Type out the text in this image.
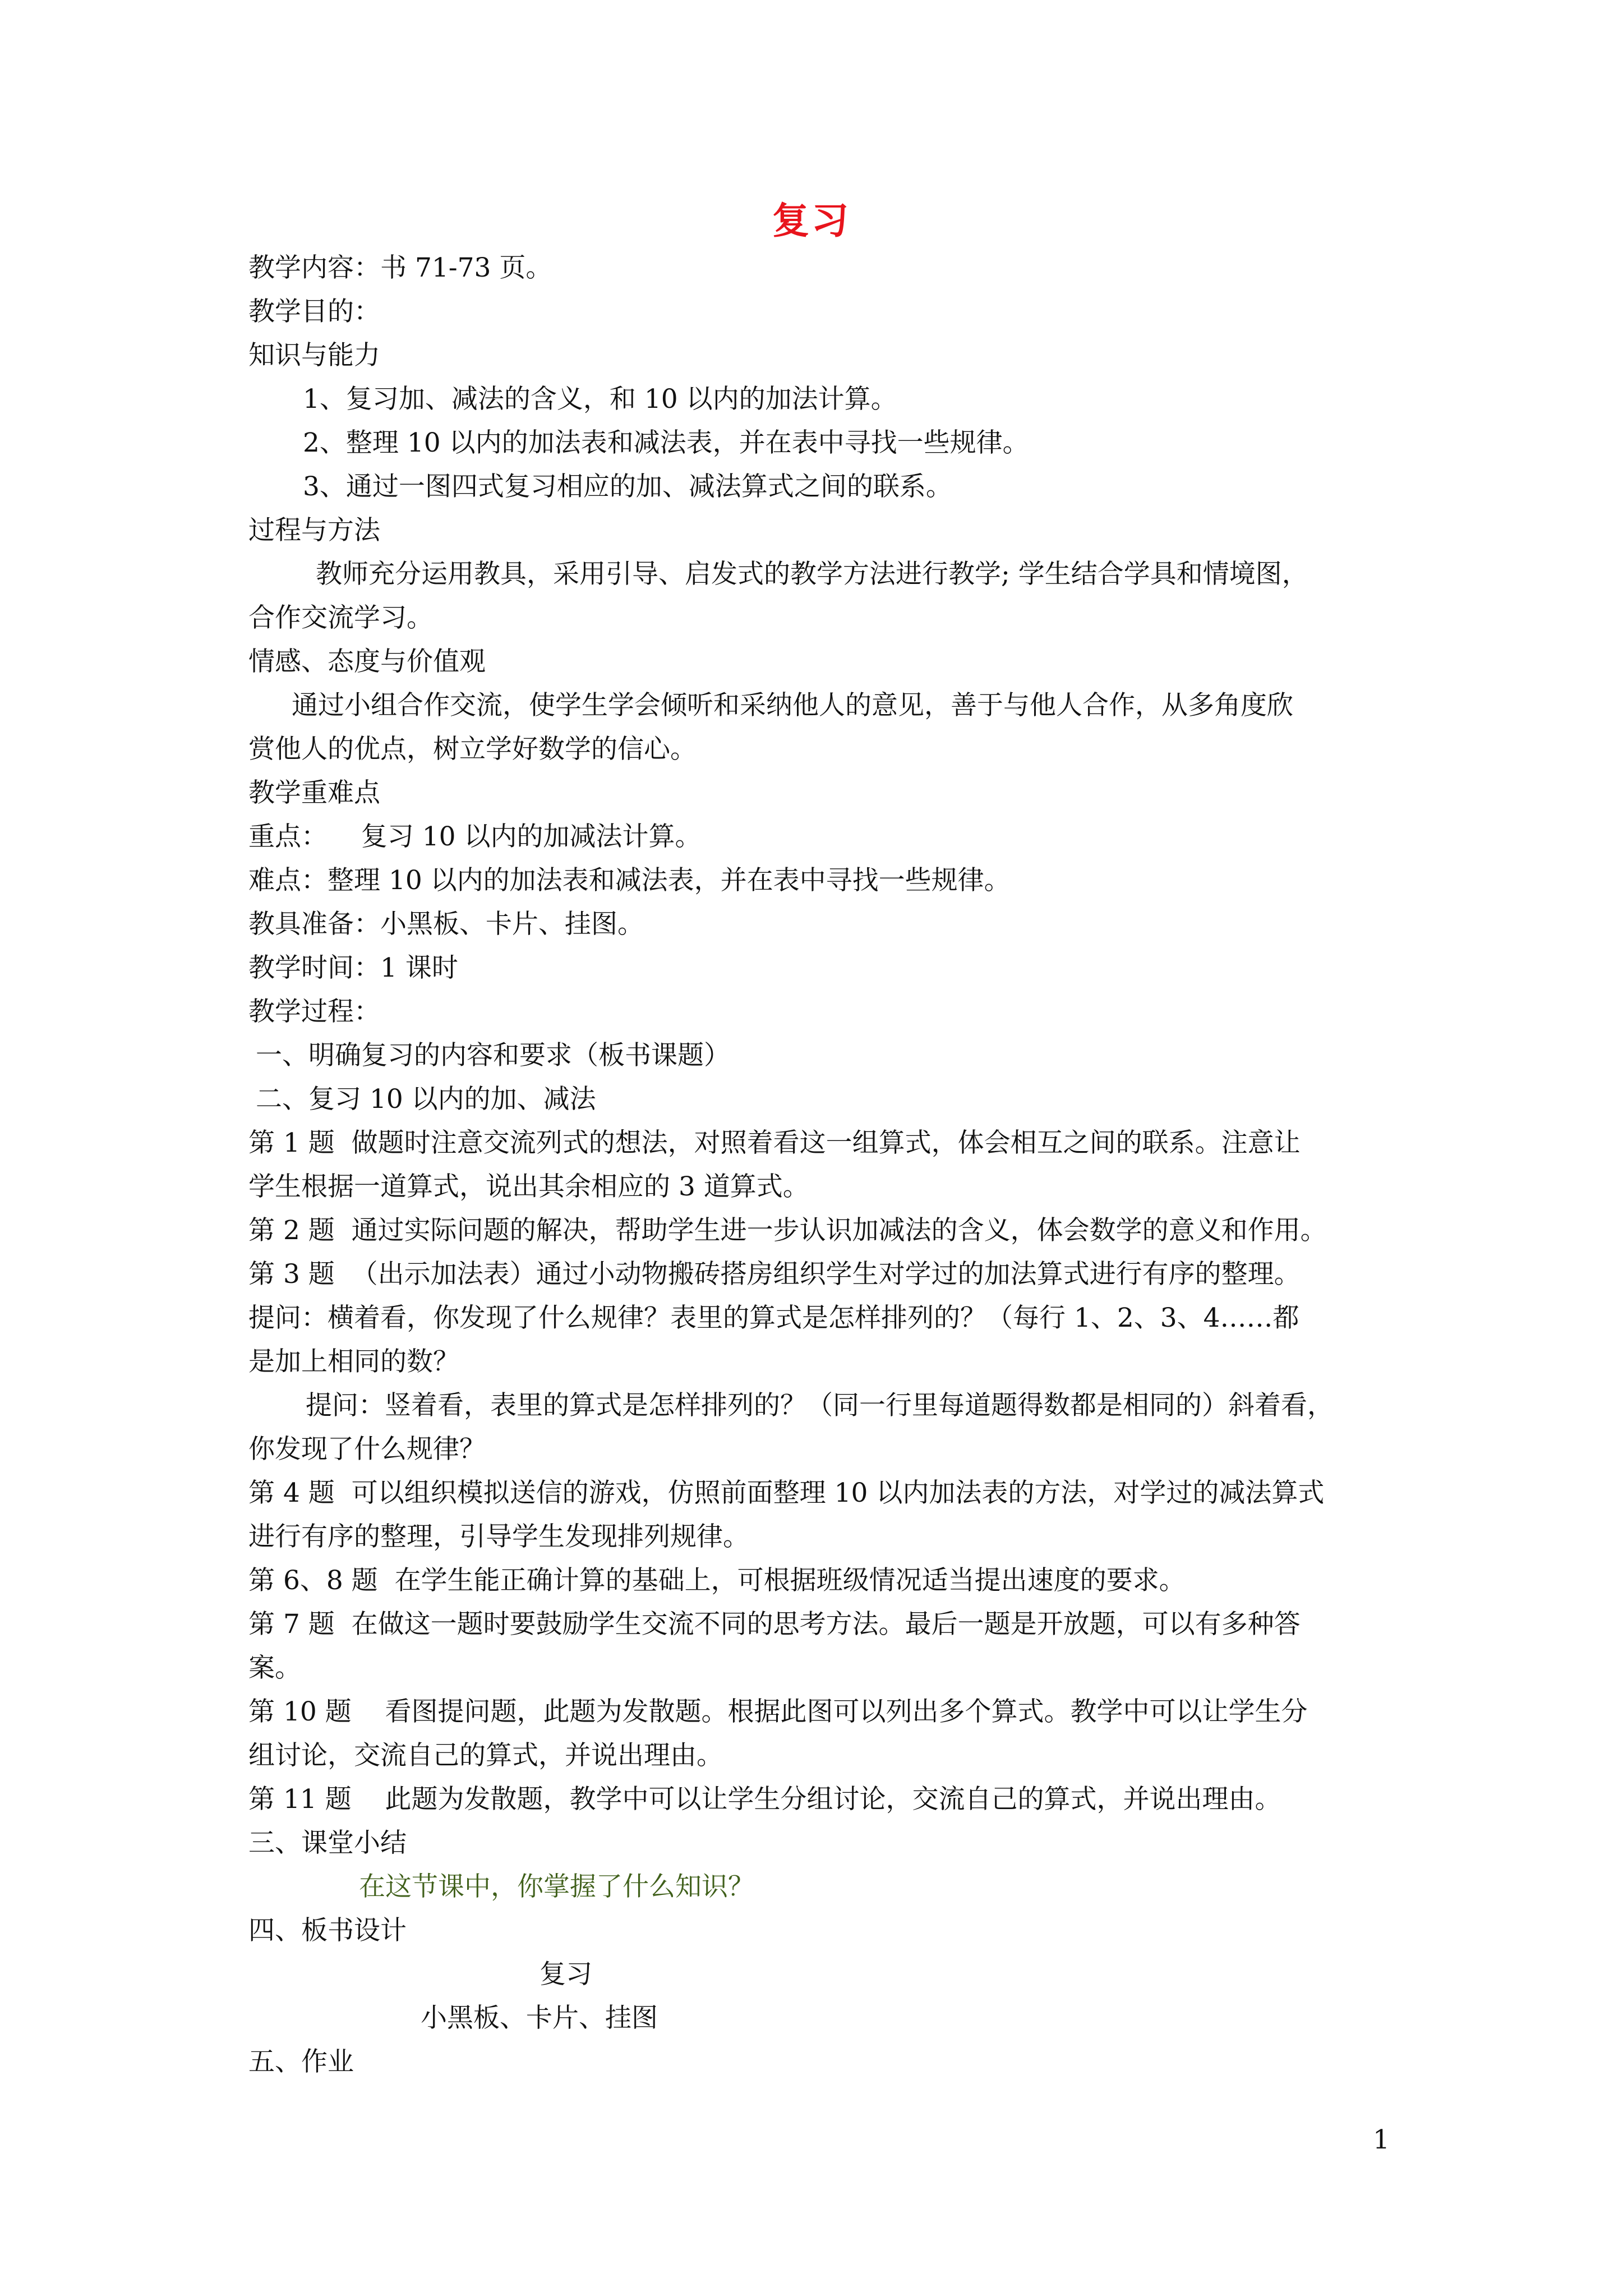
复习
教学内容：书 71-73 页。
教学目的：
知识与能力
1、复习加、减法的含义，和 10 以内的加法计算。
2、整理 10 以内的加法表和减法表，并在表中寻找一些规律。
3、通过一图四式复习相应的加、减法算式之间的联系。
过程与方法
教师充分运用教具，采用引导、启发式的教学方法进行教学; 学生结合学具和情境图，
合作交流学习。
情感、态度与价值观
通过小组合作交流，使学生学会倾听和采纳他人的意见，善于与他人合作，从多角度欣
赏他人的优点，树立学好数学的信心。
教学重难点
重点：    复习 10 以内的加减法计算。
难点：整理 10 以内的加法表和减法表，并在表中寻找一些规律。
教具准备：小黑板、卡片、挂图。
教学时间：1 课时
教学过程：
一、明确复习的内容和要求（板书课题）
二、复习 10 以内的加、减法
第 1 题  做题时注意交流列式的想法，对照着看这一组算式，体会相互之间的联系。注意让
学生根据一道算式，说出其余相应的 3 道算式。
第 2 题  通过实际问题的解决，帮助学生进一步认识加减法的含义，体会数学的意义和作用。
第 3 题  （出示加法表）通过小动物搬砖搭房组织学生对学过的加法算式进行有序的整理。
提问：横着看，你发现了什么规律？表里的算式是怎样排列的？（每行 1、2、3、4……都
是加上相同的数？
提问：竖着看，表里的算式是怎样排列的？（同一行里每道题得数都是相同的）斜着看，
你发现了什么规律？
第 4 题  可以组织模拟送信的游戏，仿照前面整理 10 以内加法表的方法，对学过的减法算式
进行有序的整理，引导学生发现排列规律。
第 6、8 题  在学生能正确计算的基础上，可根据班级情况适当提出速度的要求。
第 7 题  在做这一题时要鼓励学生交流不同的思考方法。最后一题是开放题，可以有多种答
案。
第 10 题    看图提问题，此题为发散题。根据此图可以列出多个算式。教学中可以让学生分
组讨论，交流自己的算式，并说出理由。
第 11 题    此题为发散题，教学中可以让学生分组讨论，交流自己的算式，并说出理由。
三、课堂小结
在这节课中，你掌握了什么知识？
四、板书设计
复习
小黑板、卡片、挂图
五、作业
1
